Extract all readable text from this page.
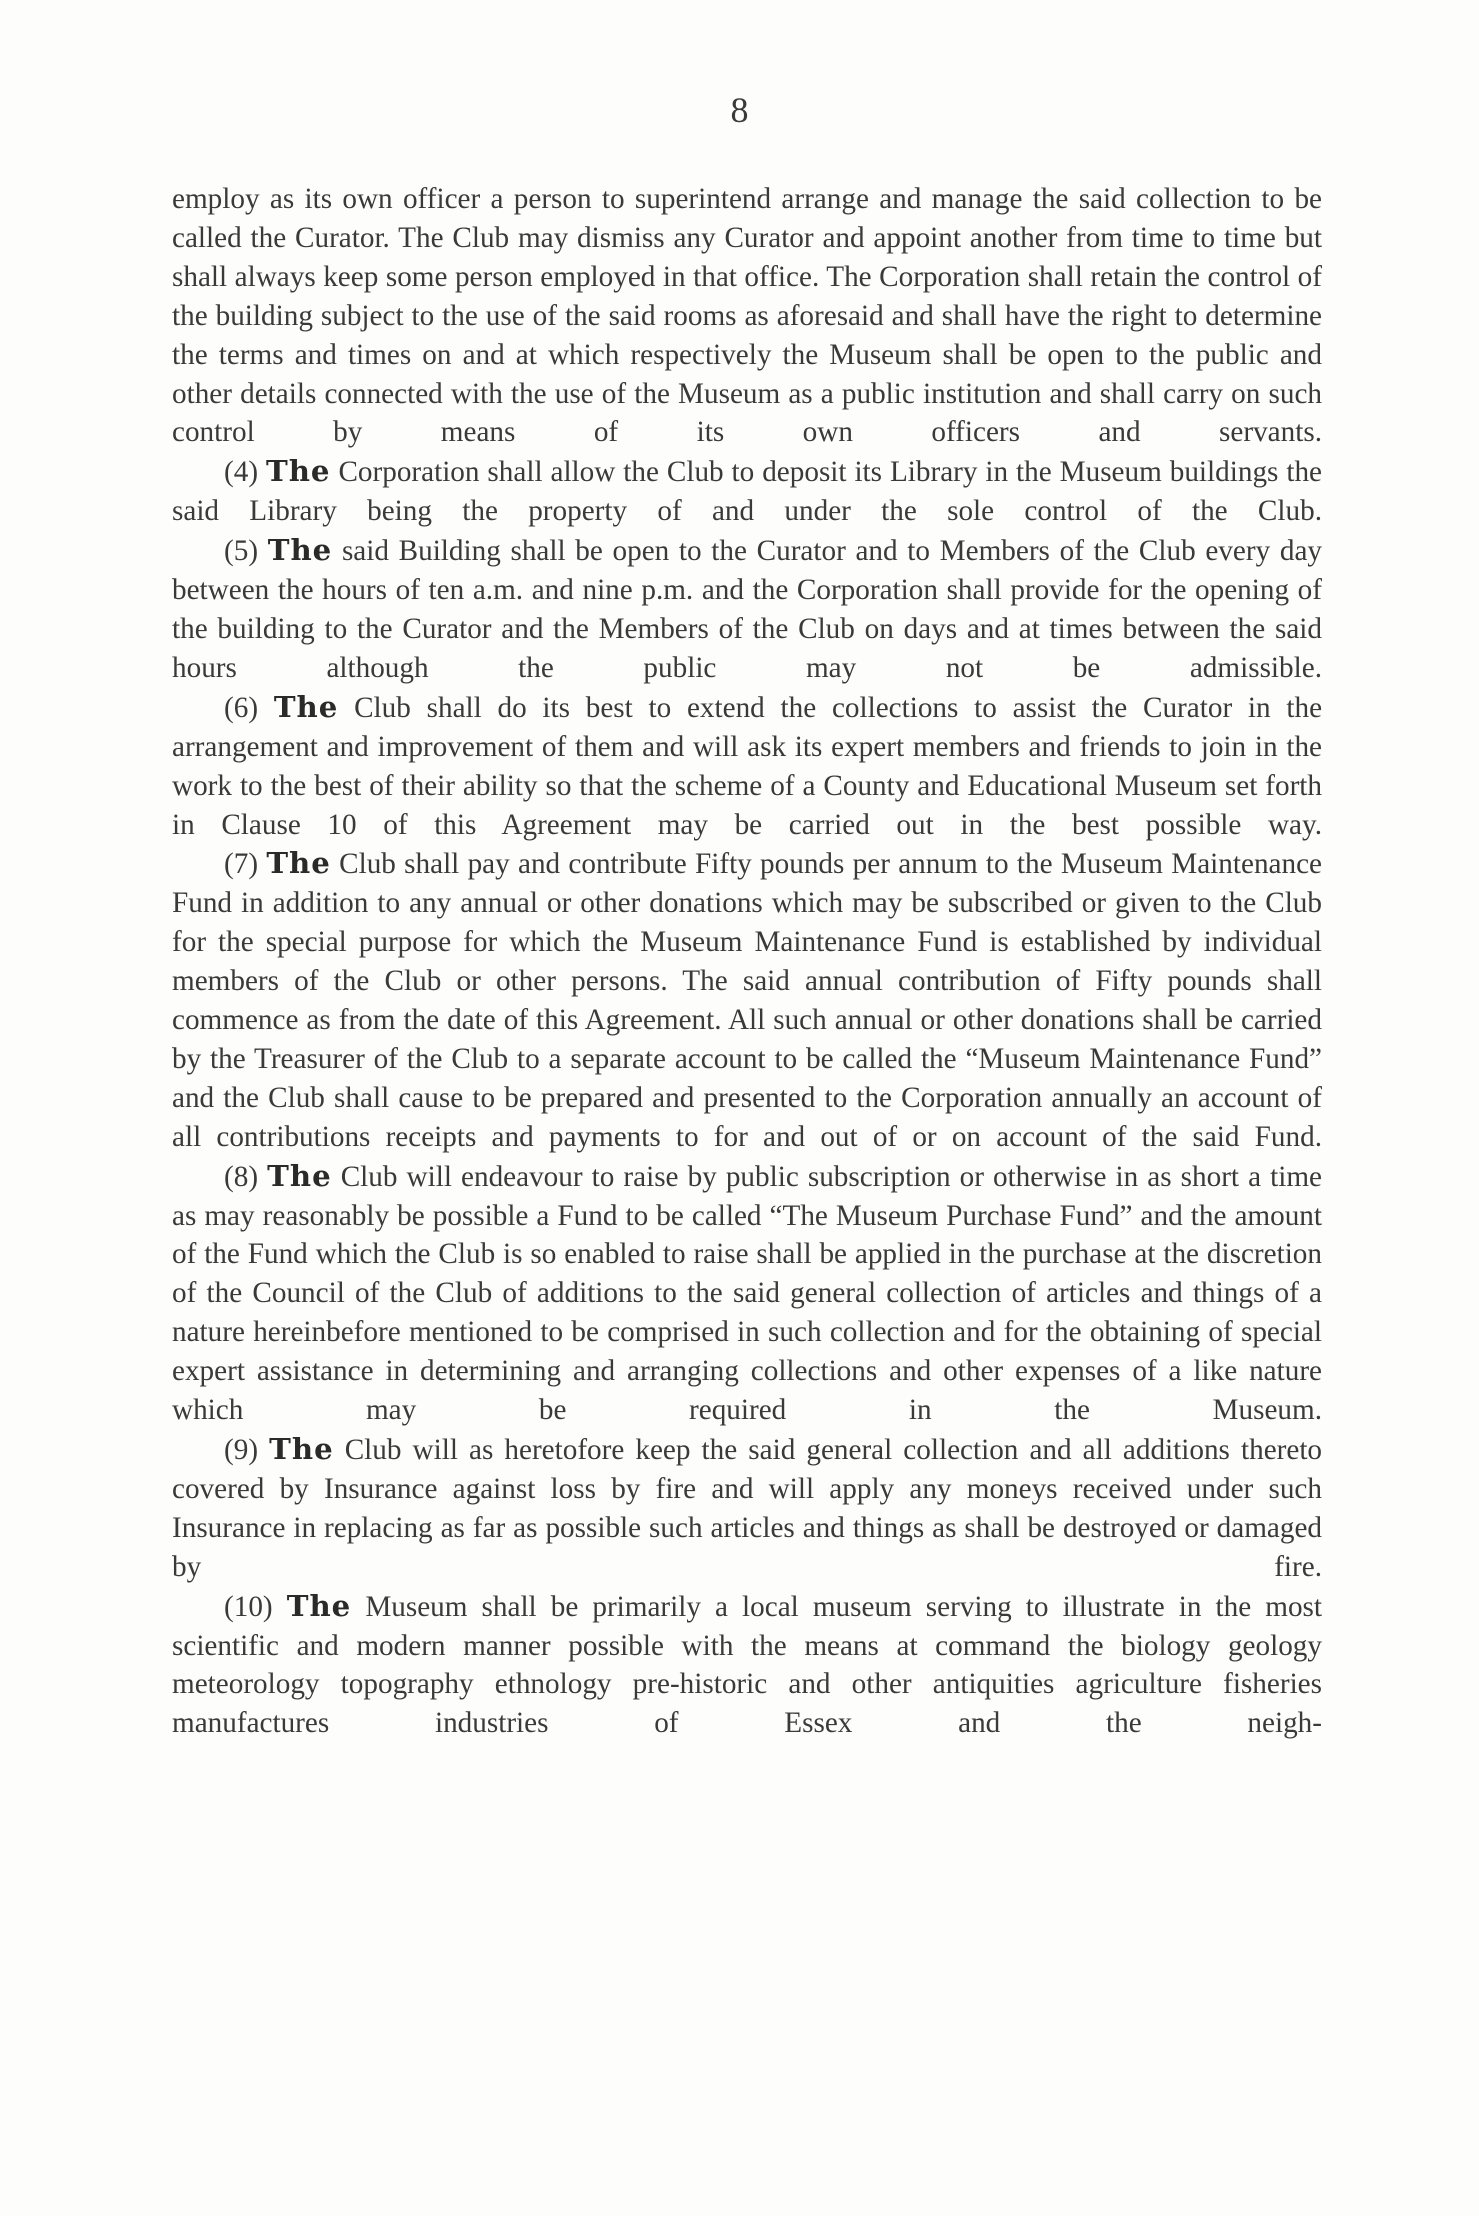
8

employ as its own officer a person to superintend arrange and manage the said collection to be called the Curator. The Club may dismiss any Curator and appoint another from time to time but shall always keep some person employed in that office. The Corporation shall retain the control of the building subject to the use of the said rooms as aforesaid and shall have the right to determine the terms and times on and at which respectively the Museum shall be open to the public and other details connected with the use of the Museum as a public institution and shall carry on such control by means of its own officers and servants.

(4) The Corporation shall allow the Club to deposit its Library in the Museum buildings the said Library being the property of and under the sole control of the Club.

(5) The said Building shall be open to the Curator and to Members of the Club every day between the hours of ten a.m. and nine p.m. and the Corporation shall provide for the opening of the building to the Curator and the Members of the Club on days and at times between the said hours although the public may not be admissible.

(6) The Club shall do its best to extend the collections to assist the Curator in the arrangement and improvement of them and will ask its expert members and friends to join in the work to the best of their ability so that the scheme of a County and Educational Museum set forth in Clause 10 of this Agreement may be carried out in the best possible way.

(7) The Club shall pay and contribute Fifty pounds per annum to the Museum Maintenance Fund in addition to any annual or other donations which may be subscribed or given to the Club for the special purpose for which the Museum Maintenance Fund is established by individual members of the Club or other persons. The said annual contribution of Fifty pounds shall commence as from the date of this Agreement. All such annual or other donations shall be carried by the Treasurer of the Club to a separate account to be called the “Museum Maintenance Fund” and the Club shall cause to be prepared and presented to the Corporation annually an account of all contributions receipts and payments to for and out of or on account of the said Fund.

(8) The Club will endeavour to raise by public subscription or otherwise in as short a time as may reasonably be possible a Fund to be called “The Museum Purchase Fund” and the amount of the Fund which the Club is so enabled to raise shall be applied in the purchase at the discretion of the Council of the Club of additions to the said general collection of articles and things of a nature hereinbefore mentioned to be comprised in such collection and for the obtaining of special expert assistance in determining and arranging collections and other expenses of a like nature which may be required in the Museum.

(9) The Club will as heretofore keep the said general collection and all additions thereto covered by Insurance against loss by fire and will apply any moneys received under such Insurance in replacing as far as possible such articles and things as shall be destroyed or damaged by fire.

(10) The Museum shall be primarily a local museum serving to illustrate in the most scientific and modern manner possible with the means at command the biology geology meteorology topography ethnology pre-historic and other antiquities agriculture fisheries manufactures industries of Essex and the neigh-
